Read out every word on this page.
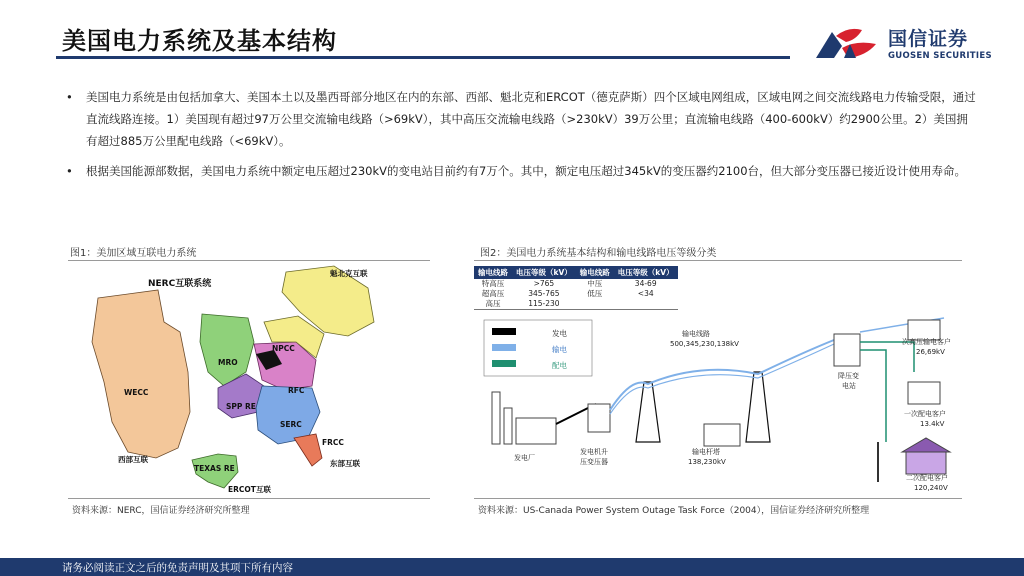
美国电力系统及基本结构	国信证券
GUOSEN SECURITIES
• 美国电力系统是由包括加拿大、美国本土以及墨西哥部分地区在内的东部、西部、魁北克和ERCOT（德克萨斯）四个区域电网组成，区域电网之间交流线路电力传输受限，通过直流线路连接。1）美国现有超过97万公里交流输电线路（>69kV），其中高压交流输电线路（>230kV）39万公里；直流输电线路（400-600kV）约2900公里。2）美国拥有超过885万公里配电线路（<69kV）。
• 根据美国能源部数据，美国电力系统中额定电压超过230kV的变电站目前约有7万个。其中，额定电压超过345kV的变压器约2100台，但大部分变压器已接近设计使用寿命。
图1：美加区域互联电力系统
NERC互联系统
魁北克互联
WECC
MRO
NPCC
RFC
SPP RE
SERC
FRCC
TEXAS RE
西部互联	东部互联
ERCOT互联
资料来源：NERC，国信证券经济研究所整理
图2：美国电力系统基本结构和输电线路电压等级分类
输电线路	电压等级（kV）	输电线路	电压等级（kV）
特高压	>765	中压	34-69
超高压	345-765	低压	<34
高压	115-230		
发电
输电
配电
发电厂
发电机升
压变压器
输电线路
500,345,230,138kV
输电杆塔
138,230kV
降压变
电站
次高压输电客户
26,69kV
一次配电客户
13.4kV
二次配电客户
120,240V
资料来源：US-Canada Power System Outage Task Force（2004），国信证券经济研究所整理
请务必阅读正文之后的免责声明及其项下所有内容
